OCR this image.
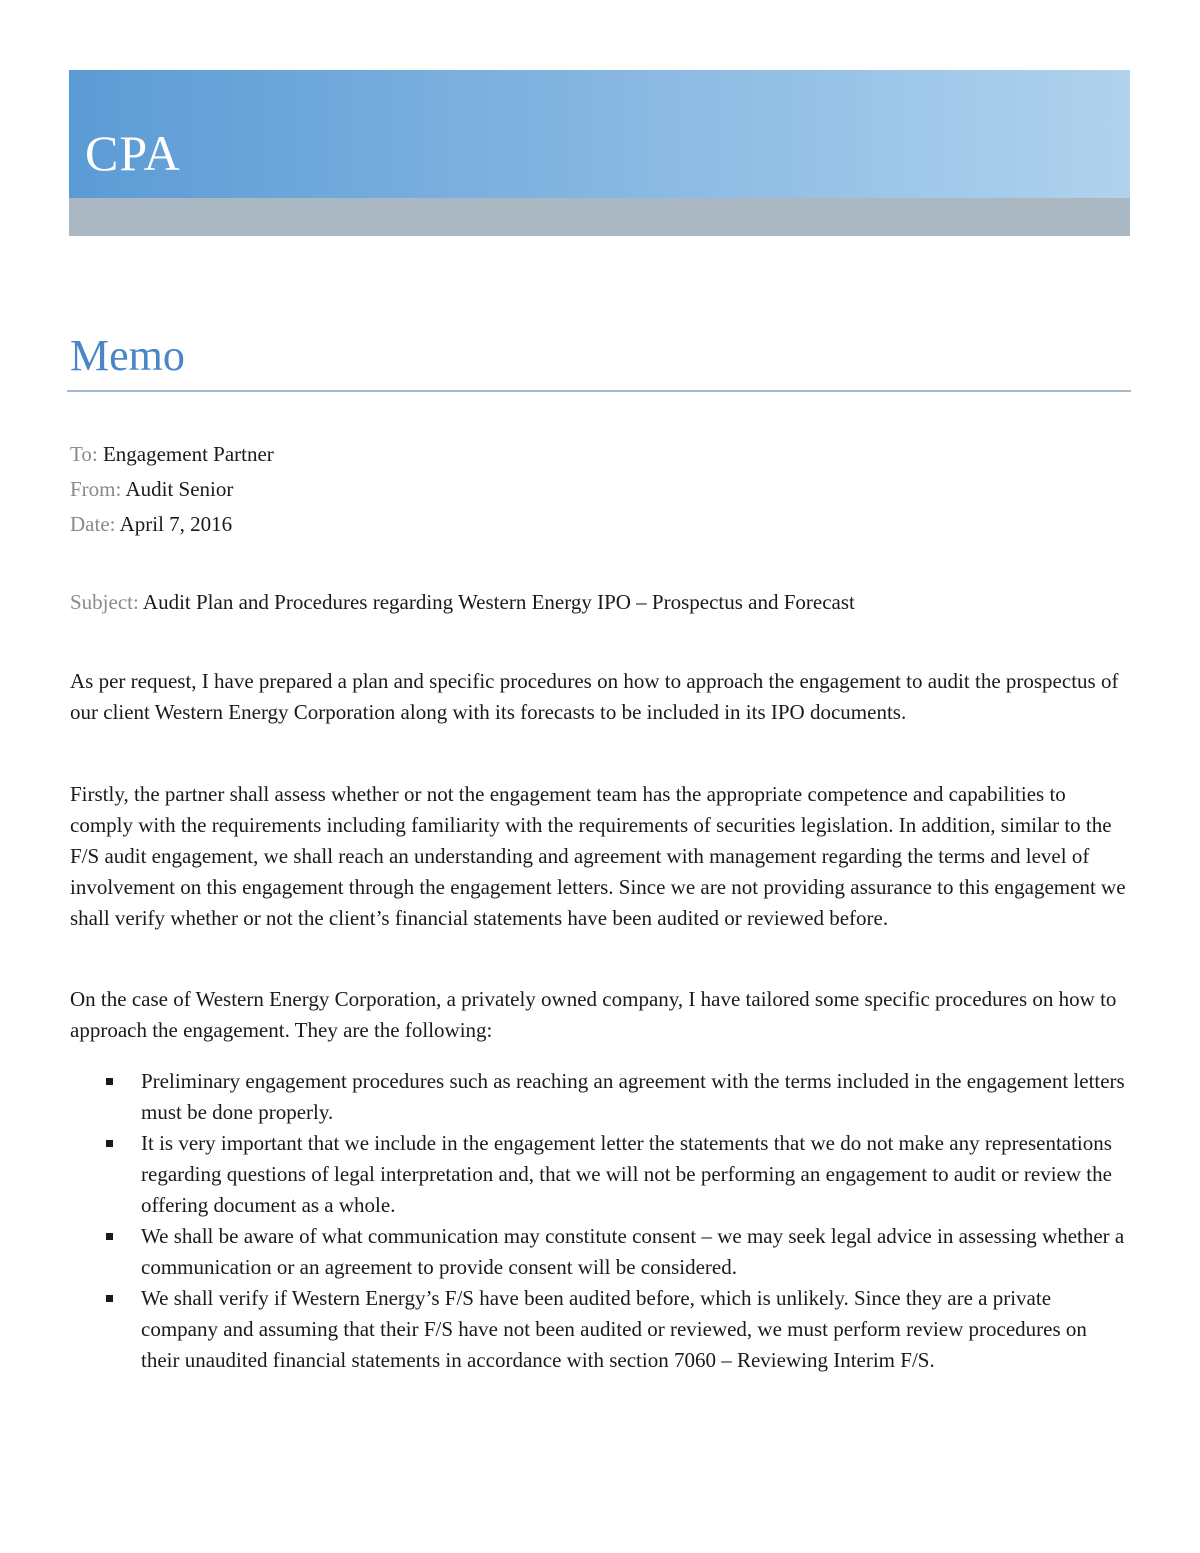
CPA
Memo
To: Engagement Partner
From: Audit Senior
Date: April 7, 2016
Subject: Audit Plan and Procedures regarding Western Energy IPO – Prospectus and Forecast

As per request, I have prepared a plan and specific procedures on how to approach the engagement to audit the prospectus of our client Western Energy Corporation along with its forecasts to be included in its IPO documents.

Firstly, the partner shall assess whether or not the engagement team has the appropriate competence and capabilities to comply with the requirements including familiarity with the requirements of securities legislation. In addition, similar to the F/S audit engagement, we shall reach an understanding and agreement with management regarding the terms and level of involvement on this engagement through the engagement letters. Since we are not providing assurance to this engagement we shall verify whether or not the client’s financial statements have been audited or reviewed before.

On the case of Western Energy Corporation, a privately owned company, I have tailored some specific procedures on how to approach the engagement. They are the following:

Preliminary engagement procedures such as reaching an agreement with the terms included in the engagement letters must be done properly.
It is very important that we include in the engagement letter the statements that we do not make any representations regarding questions of legal interpretation and, that we will not be performing an engagement to audit or review the offering document as a whole.
We shall be aware of what communication may constitute consent – we may seek legal advice in assessing whether a communication or an agreement to provide consent will be considered.
We shall verify if Western Energy’s F/S have been audited before, which is unlikely. Since they are a private company and assuming that their F/S have not been audited or reviewed, we must perform review procedures on their unaudited financial statements in accordance with section 7060 – Reviewing Interim F/S.
